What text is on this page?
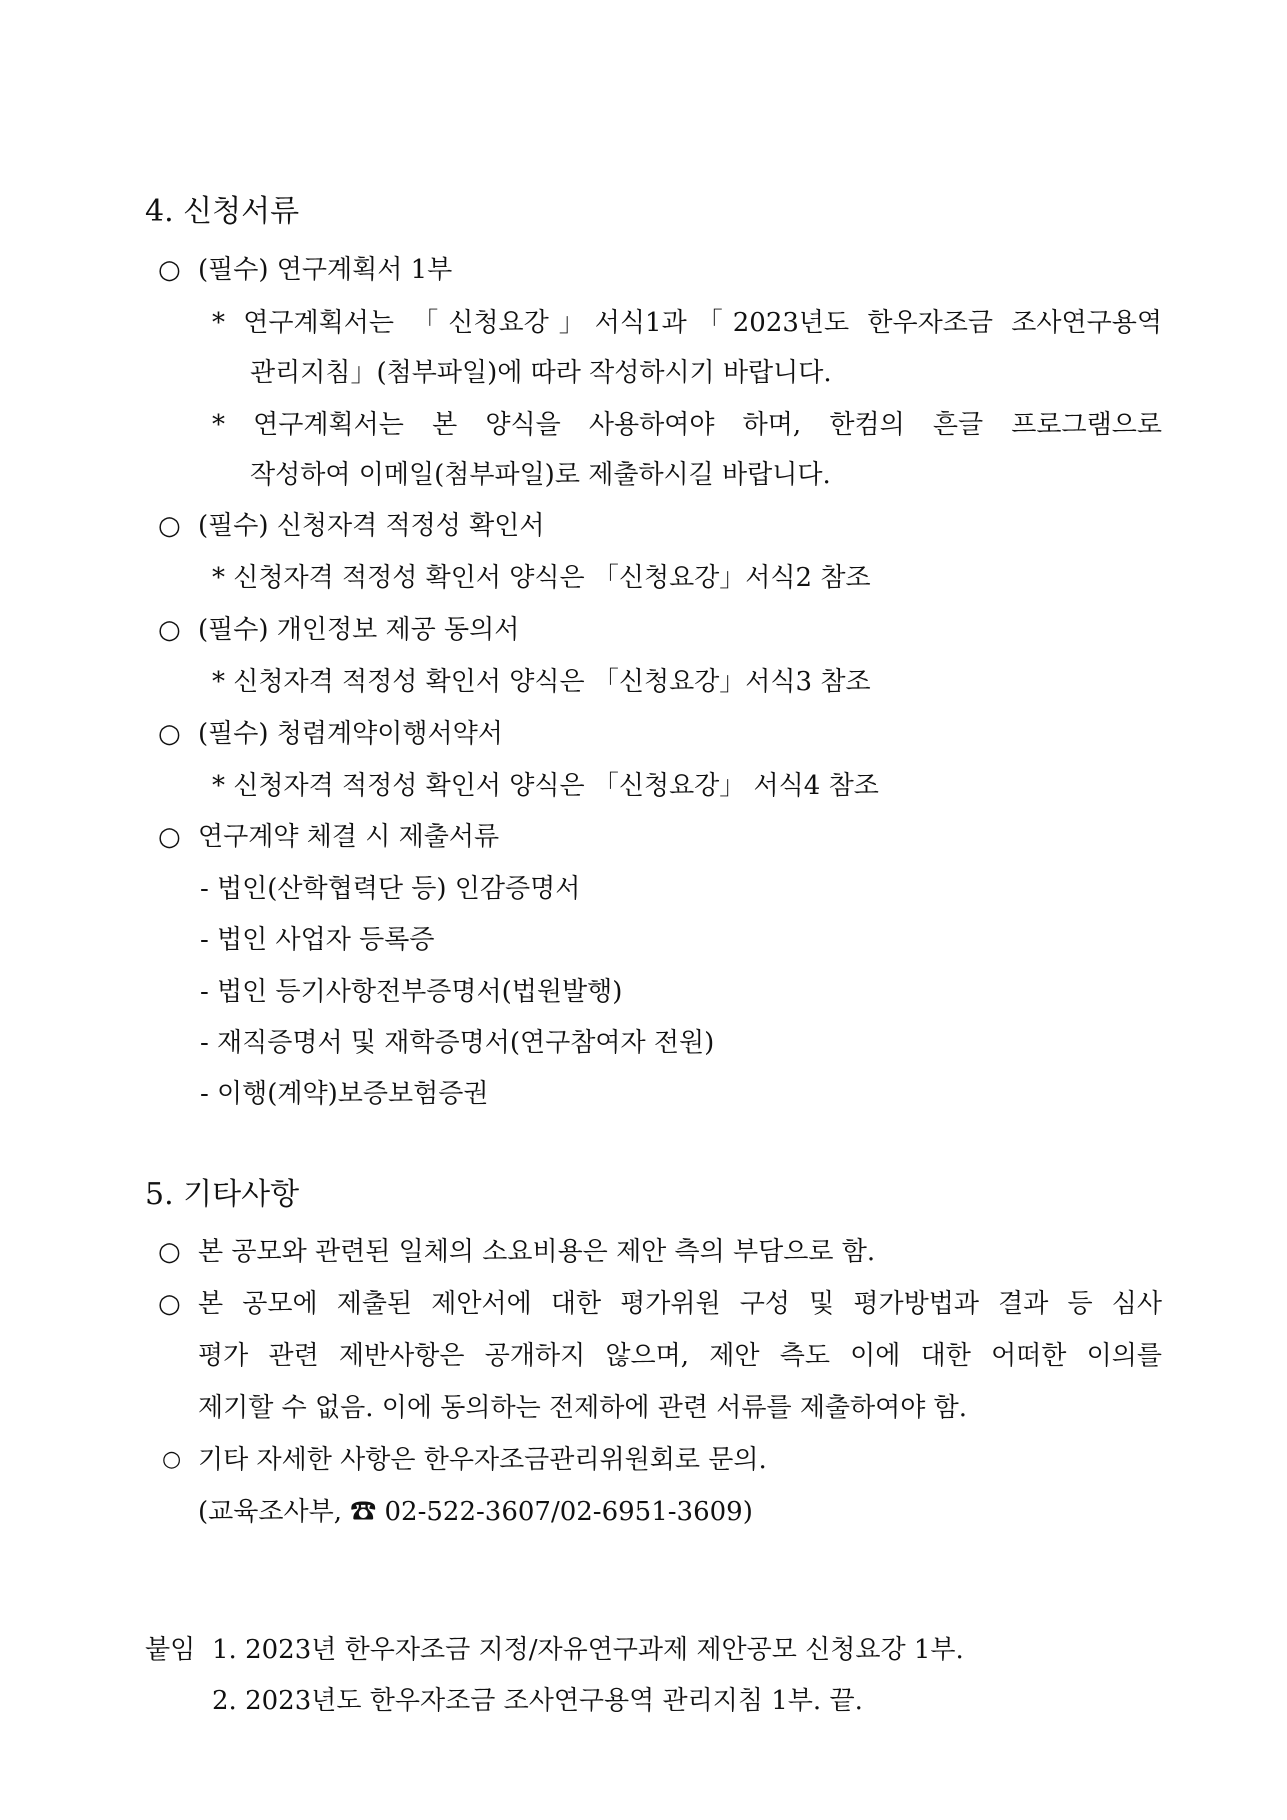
4. 신청서류
○ (필수) 연구계획서 1부
* 연구계획서는 「신청요강」서식1과「2023년도 한우자조금 조사연구용역
관리지침」(첨부파일)에 따라 작성하시기 바랍니다.
* 연구계획서는 본 양식을 사용하여야 하며, 한컴의 흔글 프로그램으로
작성하여 이메일(첨부파일)로 제출하시길 바랍니다.
○ (필수) 신청자격 적정성 확인서
* 신청자격 적정성 확인서 양식은 「신청요강」서식2 참조
○ (필수) 개인정보 제공 동의서
* 신청자격 적정성 확인서 양식은 「신청요강」서식3 참조
○ (필수) 청렴계약이행서약서
* 신청자격 적정성 확인서 양식은 「신청요강」 서식4 참조
○ 연구계약 체결 시 제출서류
- 법인(산학협력단 등) 인감증명서
- 법인 사업자 등록증
- 법인 등기사항전부증명서(법원발행)
- 재직증명서 및 재학증명서(연구참여자 전원)
- 이행(계약)보증보험증권
5. 기타사항
○ 본 공모와 관련된 일체의 소요비용은 제안 측의 부담으로 함.
○ 본 공모에 제출된 제안서에 대한 평가위원 구성 및 평가방법과 결과 등 심사
평가 관련 제반사항은 공개하지 않으며, 제안 측도 이에 대한 어떠한 이의를
제기할 수 없음. 이에 동의하는 전제하에 관련 서류를 제출하여야 함.
○ 기타 자세한 사항은 한우자조금관리위원회로 문의.
(교육조사부, ☎ 02-522-3607/02-6951-3609)
붙임 1. 2023년 한우자조금 지정/자유연구과제 제안공모 신청요강 1부.
2. 2023년도 한우자조금 조사연구용역 관리지침 1부. 끝.
